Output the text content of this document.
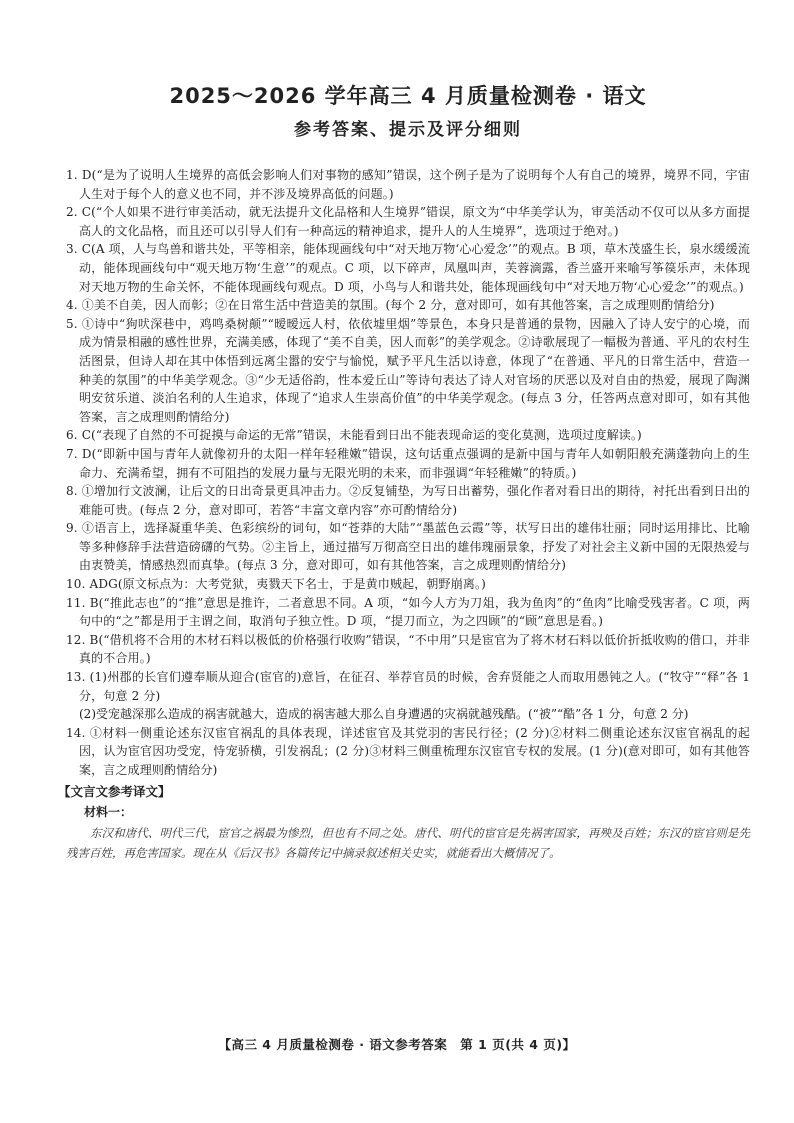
2025～2026 学年高三 4 月质量检测卷 · 语文
参考答案、提示及评分细则

1. D(“是为了说明人生境界的高低会影响人们对事物的感知”错误，这个例子是为了说明每个人有自己的境界，境界不同，宇宙人生对于每个人的意义也不同，并不涉及境界高低的问题。)

2. C(“个人如果不进行审美活动，就无法提升文化品格和人生境界”错误，原文为“中华美学认为，审美活动不仅可以从多方面提高人的文化品格，而且还可以引导人们有一种高远的精神追求，提升人的人生境界”，选项过于绝对。)

3. C(A 项，人与鸟兽和谐共处，平等相亲，能体现画线句中“对天地万物‘心心爱念’”的观点。B 项，草木茂盛生长，泉水缓缓流动，能体现画线句中“观天地万物‘生意’”的观点。C 项，以下碎声，凤凰叫声，芙蓉滴露，香兰盛开来喻写筝篌乐声，未体现对天地万物的生命关怀，不能体现画线句观点。D 项，小鸟与人和谐共处，能体现画线句中“对天地万物‘心心爱念’”的观点。)

4. ①美不自美，因人而彰；②在日常生活中营造美的氛围。(每个 2 分，意对即可，如有其他答案，言之成理则酌情给分)

5. ①诗中“狗吠深巷中，鸡鸣桑树颠”“暧暧远人村，依依墟里烟”等景色，本身只是普通的景物，因融入了诗人安宁的心境，而成为情景相融的感性世界，充满美感，体现了“美不自美，因人而彰”的美学观念。②诗歌展现了一幅极为普通、平凡的农村生活图景，但诗人却在其中体悟到远离尘嚣的安宁与愉悦，赋予平凡生活以诗意，体现了“在普通、平凡的日常生活中，营造一种美的氛围”的中华美学观念。③“少无适俗韵，性本爱丘山”等诗句表达了诗人对官场的厌恶以及对自由的热爱，展现了陶渊明安贫乐道、淡泊名利的人生追求，体现了“追求人生崇高价值”的中华美学观念。(每点 3 分，任答两点意对即可，如有其他答案，言之成理则酌情给分)

6. C(“表现了自然的不可捉摸与命运的无常”错误，未能看到日出不能表现命运的变化莫测，选项过度解读。)

7. D(“即新中国与青年人就像初升的太阳一样年轻稚嫩”错误，这句话重点强调的是新中国与青年人如朝阳般充满蓬勃向上的生命力、充满希望，拥有不可阻挡的发展力量与无限光明的未来，而非强调“年轻稚嫩”的特质。)

8. ①增加行文波澜，让后文的日出奇景更具冲击力。②反复铺垫，为写日出蓄势，强化作者对看日出的期待，衬托出看到日出的难能可贵。(每点 2 分，意对即可，若答“丰富文章内容”亦可酌情给分)

9. ①语言上，选择凝重华美、色彩缤纷的词句，如“苍莽的大陆”“墨蓝色云霞”等，状写日出的雄伟壮丽；同时运用排比、比喻等多种修辞手法营造磅礴的气势。②主旨上，通过描写万彻高空日出的雄伟瑰丽景象，抒发了对社会主义新中国的无限热爱与由衷赞美，情感热烈而真挚。(每点 3 分，意对即可，如有其他答案，言之成理则酌情给分)

10. ADG(原文标点为：大考党狱，夷戮天下名士，于是黄巾贼起，朝野崩离。)

11. B(“推此志也”的“推”意思是推许，二者意思不同。A 项，“如今人方为刀俎，我为鱼肉”的“鱼肉”比喻受残害者。C 项，两句中的“之”都是用于主谓之间，取消句子独立性。D 项，“提刀而立，为之四顾”的“顾”意思是看。)

12. B(“借机将不合用的木材石料以极低的价格强行收购”错误，“不中用”只是宦官为了将木材石料以低价折抵收购的借口，并非真的不合用。)

13. (1)州郡的长官们遵奉顺从迎合(宦官的)意旨，在征召、举荐官员的时候，舍弃贤能之人而取用愚钝之人。(“牧守”“释”各 1 分，句意 2 分)

(2)受宠越深那么造成的祸害就越大，造成的祸害越大那么自身遭遇的灾祸就越残酷。(“被”“酷”各 1 分，句意 2 分)

14. ①材料一侧重论述东汉宦官祸乱的具体表现，详述宦官及其党羽的害民行径；(2 分)②材料二侧重论述东汉宦官祸乱的起因，认为宦官因功受宠，恃宠骄横，引发祸乱；(2 分)③材料三侧重梳理东汉宦官专权的发展。(1 分)(意对即可，如有其他答案，言之成理则酌情给分)

【文言文参考译文】
材料一：

东汉和唐代、明代三代，宦官之祸最为惨烈，但也有不同之处。唐代、明代的宦官是先祸害国家，再殃及百姓；东汉的宦官则是先残害百姓，再危害国家。现在从《后汉书》各篇传记中摘录叙述相关史实，就能看出大概情况了。

【高三 4 月质量检测卷 · 语文参考答案　第 1 页(共 4 页)】
